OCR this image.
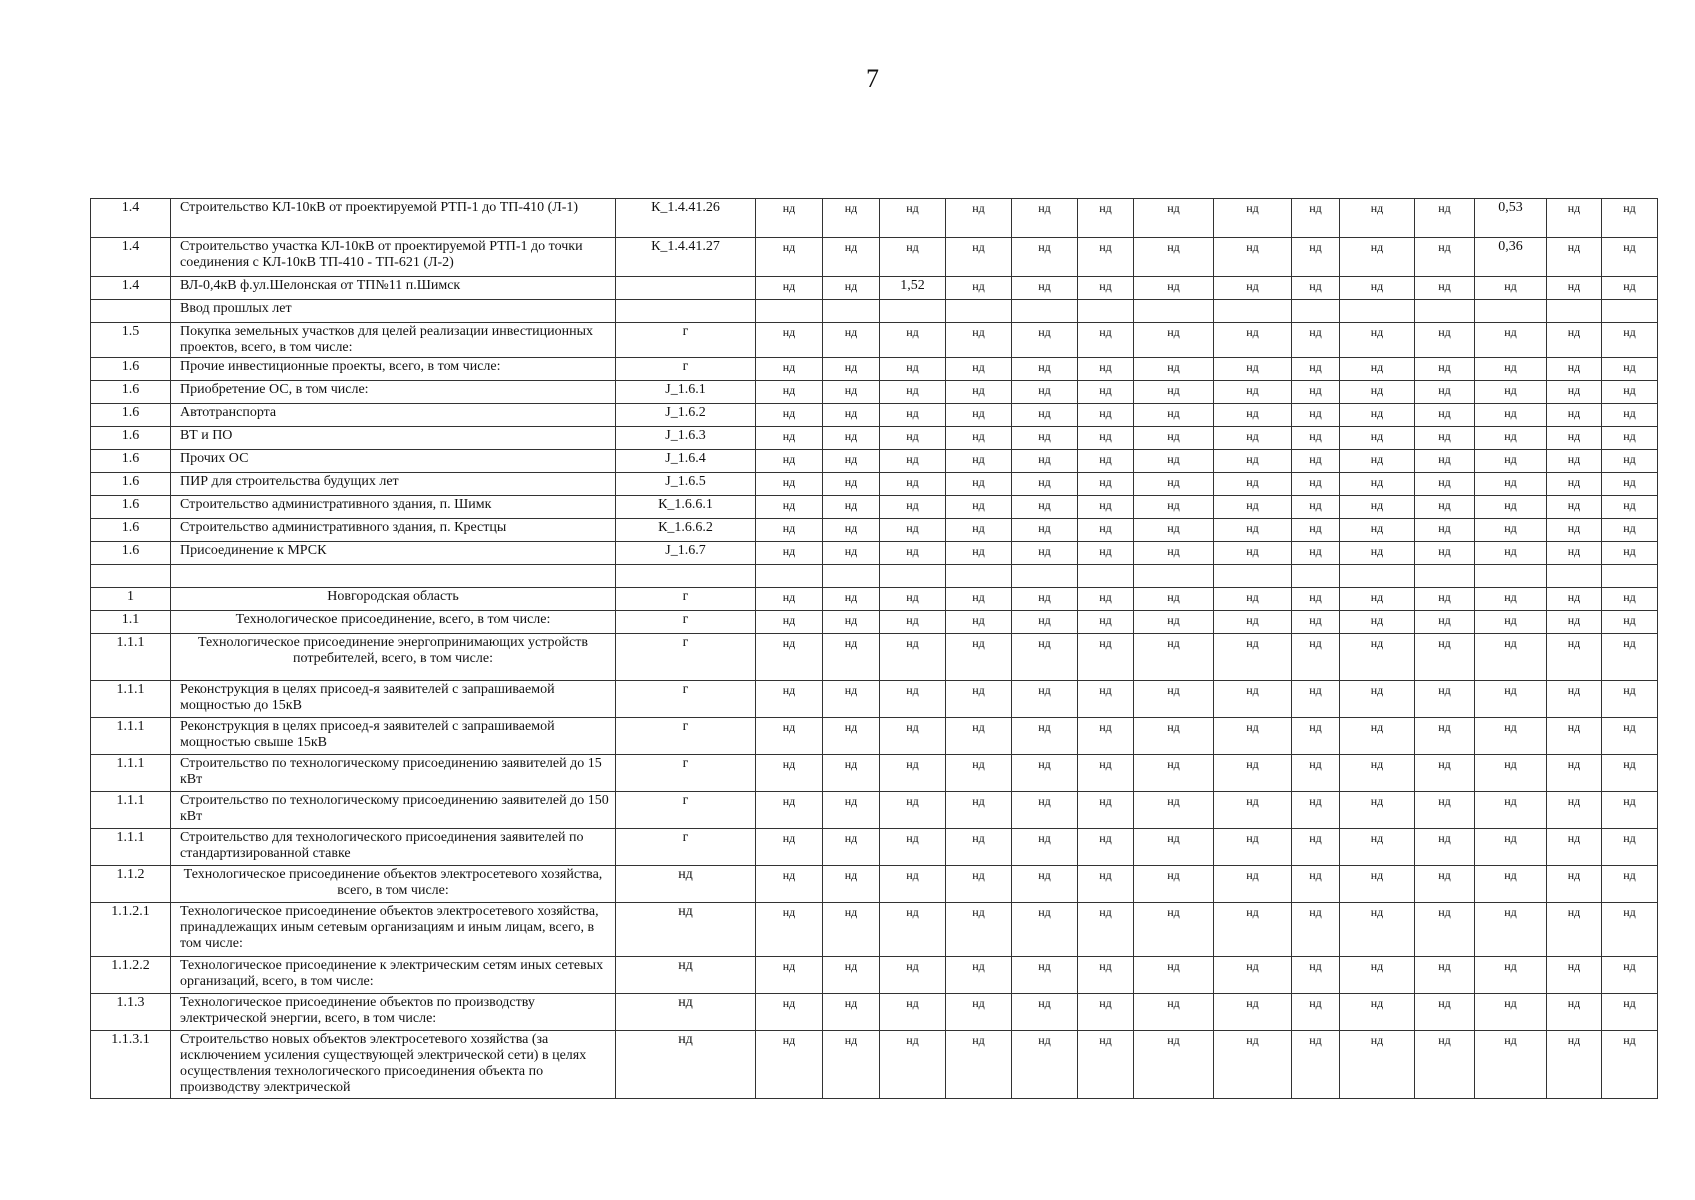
7
1.4	Строительство КЛ-10кВ от проектируемой РТП-1 до ТП-410 (Л-1)	К_1.4.41.26	нд	нд	нд	нд	нд	нд	нд	нд	нд	нд	нд	0,53	нд	нд
1.4	Строительство участка КЛ-10кВ от проектируемой РТП-1 до точки соединения с КЛ-10кВ ТП-410 - ТП-621 (Л-2)	К_1.4.41.27	нд	нд	нд	нд	нд	нд	нд	нд	нд	нд	нд	0,36	нд	нд
1.4	ВЛ-0,4кВ ф.ул.Шелонская от ТП№11 п.Шимск		нд	нд	1,52	нд	нд	нд	нд	нд	нд	нд	нд	нд	нд	нд
	Ввод прошлых лет															
1.5	Покупка земельных участков для целей реализации инвестиционных проектов, всего, в том числе:	г	нд	нд	нд	нд	нд	нд	нд	нд	нд	нд	нд	нд	нд	нд
1.6	Прочие инвестиционные проекты, всего, в том числе:	г	нд	нд	нд	нд	нд	нд	нд	нд	нд	нд	нд	нд	нд	нд
1.6	Приобретение ОС, в том числе:	J_1.6.1	нд	нд	нд	нд	нд	нд	нд	нд	нд	нд	нд	нд	нд	нд
1.6	Автотранспорта	J_1.6.2	нд	нд	нд	нд	нд	нд	нд	нд	нд	нд	нд	нд	нд	нд
1.6	ВТ и ПО	J_1.6.3	нд	нд	нд	нд	нд	нд	нд	нд	нд	нд	нд	нд	нд	нд
1.6	Прочих ОС	J_1.6.4	нд	нд	нд	нд	нд	нд	нд	нд	нд	нд	нд	нд	нд	нд
1.6	ПИР для строительства будущих лет	J_1.6.5	нд	нд	нд	нд	нд	нд	нд	нд	нд	нд	нд	нд	нд	нд
1.6	Строительство административного здания, п. Шимк	К_1.6.6.1	нд	нд	нд	нд	нд	нд	нд	нд	нд	нд	нд	нд	нд	нд
1.6	Строительство административного здания, п. Крестцы	К_1.6.6.2	нд	нд	нд	нд	нд	нд	нд	нд	нд	нд	нд	нд	нд	нд
1.6	Присоединение к МРСК	J_1.6.7	нд	нд	нд	нд	нд	нд	нд	нд	нд	нд	нд	нд	нд	нд

1	Новгородская область	г	нд	нд	нд	нд	нд	нд	нд	нд	нд	нд	нд	нд	нд	нд
1.1	Технологическое присоединение, всего, в том числе:	г	нд	нд	нд	нд	нд	нд	нд	нд	нд	нд	нд	нд	нд	нд
1.1.1	Технологическое присоединение энергопринимающих устройств потребителей, всего, в том числе:	г	нд	нд	нд	нд	нд	нд	нд	нд	нд	нд	нд	нд	нд	нд
1.1.1	Реконструкция в целях присоед-я заявителей с запрашиваемой мощностью до 15кВ	г	нд	нд	нд	нд	нд	нд	нд	нд	нд	нд	нд	нд	нд	нд
1.1.1	Реконструкция в целях присоед-я заявителей с запрашиваемой мощностью свыше 15кВ	г	нд	нд	нд	нд	нд	нд	нд	нд	нд	нд	нд	нд	нд	нд
1.1.1	Строительство по технологическому присоединению заявителей до 15 кВт	г	нд	нд	нд	нд	нд	нд	нд	нд	нд	нд	нд	нд	нд	нд
1.1.1	Строительство по технологическому присоединению заявителей до 150 кВт	г	нд	нд	нд	нд	нд	нд	нд	нд	нд	нд	нд	нд	нд	нд
1.1.1	Строительство для технологического присоединения заявителей по стандартизированной ставке	г	нд	нд	нд	нд	нд	нд	нд	нд	нд	нд	нд	нд	нд	нд
1.1.2	Технологическое присоединение объектов электросетевого хозяйства, всего, в том числе:	нд	нд	нд	нд	нд	нд	нд	нд	нд	нд	нд	нд	нд	нд	нд
1.1.2.1	Технологическое присоединение объектов электросетевого хозяйства, принадлежащих иным сетевым организациям и иным лицам, всего, в том числе:	нд	нд	нд	нд	нд	нд	нд	нд	нд	нд	нд	нд	нд	нд	нд
1.1.2.2	Технологическое присоединение к электрическим сетям иных сетевых организаций, всего, в том числе:	нд	нд	нд	нд	нд	нд	нд	нд	нд	нд	нд	нд	нд	нд	нд
1.1.3	Технологическое присоединение объектов по производству электрической энергии, всего, в том числе:	нд	нд	нд	нд	нд	нд	нд	нд	нд	нд	нд	нд	нд	нд	нд
1.1.3.1	Строительство новых объектов электросетевого хозяйства (за исключением усиления существующей электрической сети) в целях осуществления технологического присоединения объекта по производству электрической	нд	нд	нд	нд	нд	нд	нд	нд	нд	нд	нд	нд	нд	нд	нд
